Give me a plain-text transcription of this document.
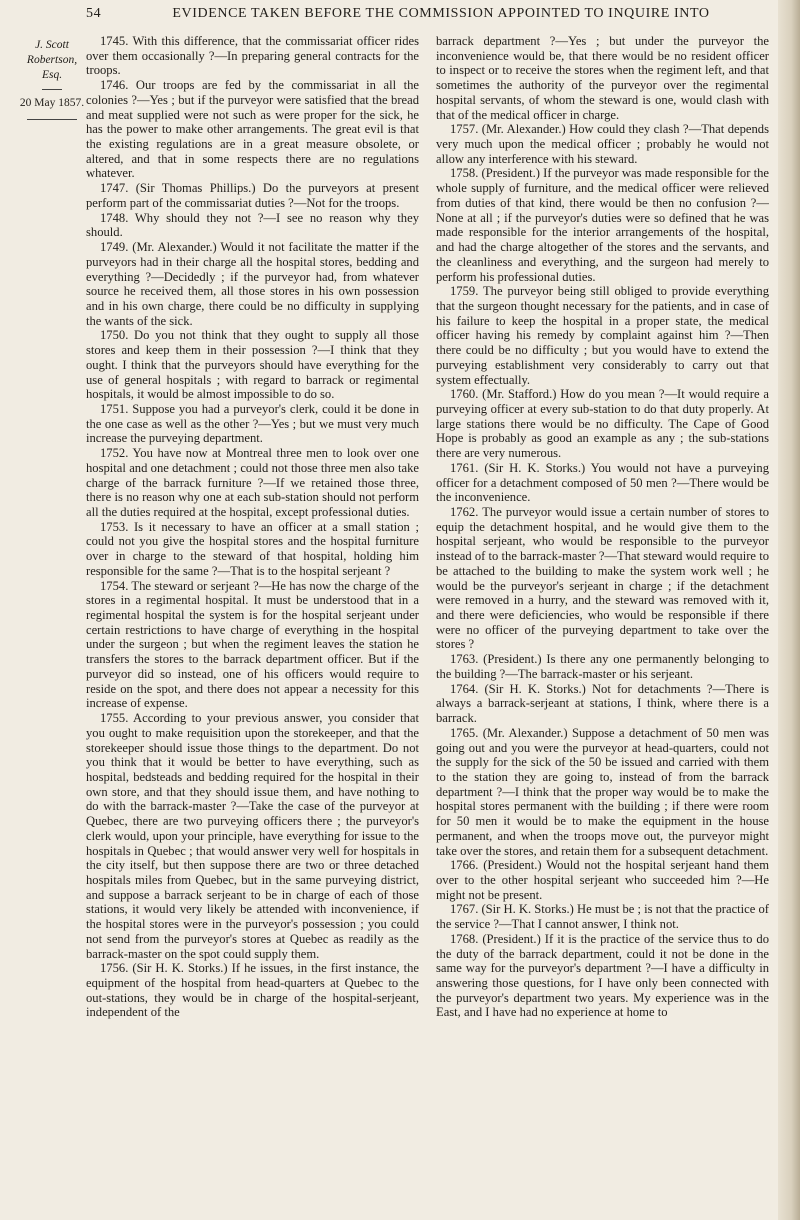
54	EVIDENCE TAKEN BEFORE THE COMMISSION APPOINTED TO INQUIRE INTO
J. Scott Robertson, Esq.
20 May 1857.

1745. With this difference, that the commissariat officer rides over them occasionally ?—In preparing general contracts for the troops.

1746. Our troops are fed by the commissariat in all the colonies ?—Yes ; but if the purveyor were satisfied that the bread and meat supplied were not such as were proper for the sick, he has the power to make other arrangements. The great evil is that the existing regulations are in a great measure obsolete, or altered, and that in some respects there are no regulations whatever.

1747. (Sir Thomas Phillips.) Do the purveyors at present perform part of the commissariat duties ?—Not for the troops.

1748. Why should they not ?—I see no reason why they should.

1749. (Mr. Alexander.) Would it not facilitate the matter if the purveyors had in their charge all the hospital stores, bedding and everything ?—Decidedly ; if the purveyor had, from whatever source he received them, all those stores in his own possession and in his own charge, there could be no difficulty in supplying the wants of the sick.

1750. Do you not think that they ought to supply all those stores and keep them in their possession ?—I think that they ought. I think that the purveyors should have everything for the use of general hospitals ; with regard to barrack or regimental hospitals, it would be almost impossible to do so.

1751. Suppose you had a purveyor's clerk, could it be done in the one case as well as the other ?—Yes ; but we must very much increase the purveying department.

1752. You have now at Montreal three men to look over one hospital and one detachment ; could not those three men also take charge of the barrack furniture ?—If we retained those three, there is no reason why one at each sub-station should not perform all the duties required at the hospital, except professional duties.

1753. Is it necessary to have an officer at a small station ; could not you give the hospital stores and the hospital furniture over in charge to the steward of that hospital, holding him responsible for the same ?—That is to the hospital serjeant ?

1754. The steward or serjeant ?—He has now the charge of the stores in a regimental hospital. It must be understood that in a regimental hospital the system is for the hospital serjeant under certain restrictions to have charge of everything in the hospital under the surgeon ; but when the regiment leaves the station he transfers the stores to the barrack department officer. But if the purveyor did so instead, one of his officers would require to reside on the spot, and there does not appear a necessity for this increase of expense.

1755. According to your previous answer, you consider that you ought to make requisition upon the storekeeper, and that the storekeeper should issue those things to the department. Do not you think that it would be better to have everything, such as hospital, bedsteads and bedding required for the hospital in their own store, and that they should issue them, and have nothing to do with the barrack-master ?—Take the case of the purveyor at Quebec, there are two purveying officers there ; the purveyor's clerk would, upon your principle, have everything for issue to the hospitals in Quebec ; that would answer very well for hospitals in the city itself, but then suppose there are two or three detached hospitals miles from Quebec, but in the same purveying district, and suppose a barrack serjeant to be in charge of each of those stations, it would very likely be attended with inconvenience, if the hospital stores were in the purveyor's possession ; you could not send from the purveyor's stores at Quebec as readily as the barrack-master on the spot could supply them.

1756. (Sir H. K. Storks.) If he issues, in the first instance, the equipment of the hospital from head-quarters at Quebec to the out-stations, they would be in charge of the hospital-serjeant, independent of the

barrack department ?—Yes ; but under the purveyor the inconvenience would be, that there would be no resident officer to inspect or to receive the stores when the regiment left, and that sometimes the authority of the purveyor over the regimental hospital servants, of whom the steward is one, would clash with that of the medical officer in charge.

1757. (Mr. Alexander.) How could they clash ?—That depends very much upon the medical officer ; probably he would not allow any interference with his steward.

1758. (President.) If the purveyor was made responsible for the whole supply of furniture, and the medical officer were relieved from duties of that kind, there would be then no confusion ?—None at all ; if the purveyor's duties were so defined that he was made responsible for the interior arrangements of the hospital, and had the charge altogether of the stores and the servants, and the cleanliness and everything, and the surgeon had merely to perform his professional duties.

1759. The purveyor being still obliged to provide everything that the surgeon thought necessary for the patients, and in case of his failure to keep the hospital in a proper state, the medical officer having his remedy by complaint against him ?—Then there could be no difficulty ; but you would have to extend the purveying establishment very considerably to carry out that system effectually.

1760. (Mr. Stafford.) How do you mean ?—It would require a purveying officer at every sub-station to do that duty properly. At large stations there would be no difficulty. The Cape of Good Hope is probably as good an example as any ; the sub-stations there are very numerous.

1761. (Sir H. K. Storks.) You would not have a purveying officer for a detachment composed of 50 men ?—There would be the inconvenience.

1762. The purveyor would issue a certain number of stores to equip the detachment hospital, and he would give them to the hospital serjeant, who would be responsible to the purveyor instead of to the barrack-master ?—That steward would require to be attached to the building to make the system work well ; he would be the purveyor's serjeant in charge ; if the detachment were removed in a hurry, and the steward was removed with it, and there were deficiencies, who would be responsible if there were no officer of the purveying department to take over the stores ?

1763. (President.) Is there any one permanently belonging to the building ?—The barrack-master or his serjeant.

1764. (Sir H. K. Storks.) Not for detachments ?—There is always a barrack-serjeant at stations, I think, where there is a barrack.

1765. (Mr. Alexander.) Suppose a detachment of 50 men was going out and you were the purveyor at head-quarters, could not the supply for the sick of the 50 be issued and carried with them to the station they are going to, instead of from the barrack department ?—I think that the proper way would be to make the hospital stores permanent with the building ; if there were room for 50 men it would be to make the equipment in the house permanent, and when the troops move out, the purveyor might take over the stores, and retain them for a subsequent detachment.

1766. (President.) Would not the hospital serjeant hand them over to the other hospital serjeant who succeeded him ?—He might not be present.

1767. (Sir H. K. Storks.) He must be ; is not that the practice of the service ?—That I cannot answer, I think not.

1768. (President.) If it is the practice of the service thus to do the duty of the barrack department, could it not be done in the same way for the purveyor's department ?—I have a difficulty in answering those questions, for I have only been connected with the purveyor's department two years. My experience was in the East, and I have had no experience at home to
